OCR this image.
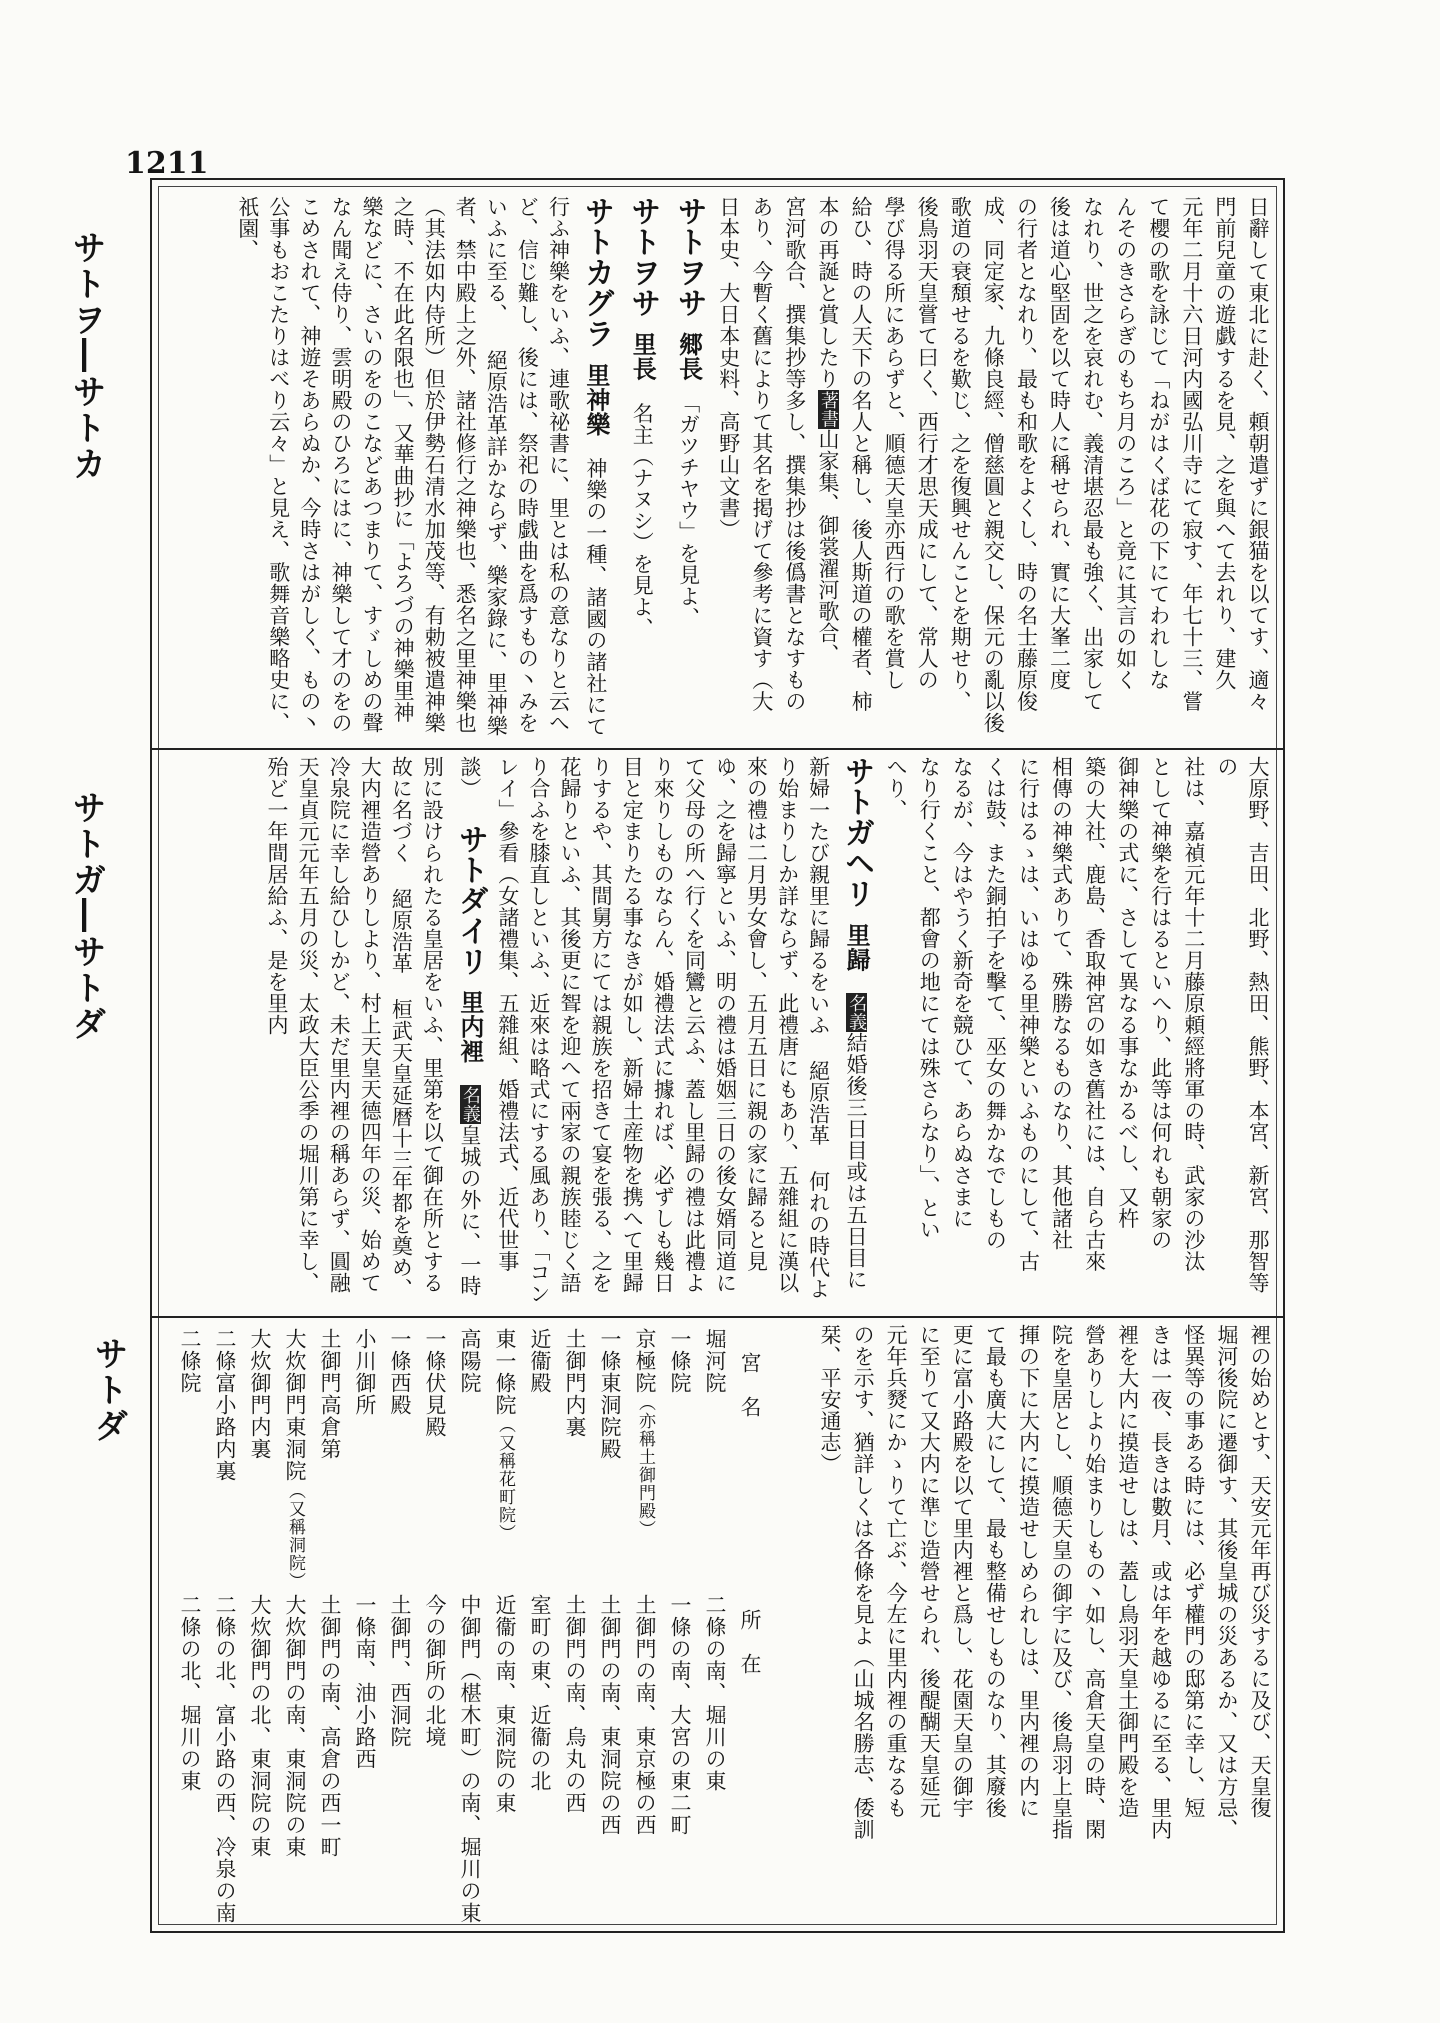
1211
サトヲ―サトカ
サトガ―サトダ
サトダ
日辭して東北に赴く、頼朝遣ずに銀猫を以てす、適々
門前兒童の遊戯するを見、之を與へて去れり、建久
元年二月十六日河内國弘川寺にて寂す、年七十三、嘗
て櫻の歌を詠じて「ねがはくば花の下にてわれしな
んそのきさらぎのもち月のころ」と竟に其言の如く
なれり、世之を哀れむ、義清堪忍最も強く、出家して
後は道心堅固を以て時人に稱せられ、實に大峯二度
の行者となれり、最も和歌をよくし、時の名士藤原俊
成、同定家、九條良經、僧慈圓と親交し、保元の亂以後
歌道の衰頽せるを歎じ、之を復興せんことを期せり、
後鳥羽天皇嘗て曰く、西行才思天成にして、常人の
學び得る所にあらずと、順德天皇亦西行の歌を賞し
給ひ、時の人天下の名人と稱し、後人斯道の權者、柿
本の再誕と賞したり著書山家集、御裳濯河歌合、
宮河歌合、撰集抄等多し、撰集抄は後僞書となすもの
あり、今暫く舊によりて其名を掲げて參考に資す（大
日本史、大日本史料、高野山文書）
サトヲサ郷長　「ガツチヤウ」を見よ、
サトヲサ里長　名主（ナヌシ）を見よ、
サトカグラ里神樂　神樂の一種、諸國の諸社にて行ふ神樂をいふ、連歌祕書に、里とは私の意なりと云へど、信じ難し、後には、祭祀の時戯曲を爲すもの丶みをいふに至る、 絕原浩革詳かならず、樂家錄に、里神樂者、禁中殿上之外、諸社修行之神樂也、悉名之里神樂也（其法如内侍所）但於伊勢石清水加茂等、有勅被遣神樂之時、不在此名限也」、又華曲抄に「よろづの神樂里神樂などに、さいのをのこなどあつまりて、すゞしめの聲なん聞え侍り、雲明殿のひろにはに、神樂して才のをのこめされて、神遊そあらぬか、今時さはがしく、もの丶公事もおこたりはべり云々」と見え、歌舞音樂略史に、祇園、
大原野、吉田、北野、熱田、熊野、本宮、新宮、那智等の
社は、嘉禎元年十二月藤原頼經將軍の時、武家の沙汰
として神樂を行はるといへり、此等は何れも朝家の
御神樂の式に、さして異なる事なかるべし、又杵
築の大社、鹿島、香取神宮の如き舊社には、自ら古來
相傳の神樂式ありて、殊勝なるものなり、其他諸社
に行はるゝは、いはゆる里神樂といふものにして、古
くは鼓、また銅拍子を擊て、巫女の舞かなでしもの
なるが、今はやうく新奇を競ひて、あらぬさまに
なり行くこと、都會の地にては殊さらなり」、とい
へり、
サトガヘリ里歸　名義結婚後三日目或は五日目に新婦一たび親里に歸るをいふ 絕原浩革 何れの時代より始まりしか詳ならず、此禮唐にもあり、五雜組に漢以來の禮は二月男女會し、五月五日に親の家に歸ると見ゆ、之を歸寧といふ、明の禮は婚姻三日の後女婿同道にて父母の所へ行くを同鸞と云ふ、蓋し里歸の禮は此禮より來りしものならん、婚禮法式に據れば、必ずしも幾日目と定まりたる事なきが如し、新婦土産物を携へて里歸りするや、其間舅方にては親族を招きて宴を張る、之を花歸りといふ、其後更に聟を迎へて兩家の親族睦じく語り合ふを膝直しといふ、近來は略式にする風あり、「コンレイ」參看（女諸禮集、五雜組、婚禮法式、近代世事談） サトダイリ里内裡　名義皇城の外に、一時別に設けられたる皇居をいふ、里第を以て御在所とする故に名づく 絕原浩革 桓武天皇延暦十三年都を奠め、大内裡造營ありしより、村上天皇天德四年の災、始めて冷泉院に幸し給ひしかど、未だ里内裡の稱あらず、圓融天皇貞元元年五月の災、太政大臣公季の堀川第に幸し、殆ど一年間居給ふ、是を里内
裡の始めとす、天安元年再び災するに及び、天皇復
堀河後院に遷御す、其後皇城の災あるか、又は方忌、
怪異等の事ある時には、必ず權門の邸第に幸し、短
きは一夜、長きは數月、或は年を越ゆるに至る、里内
裡を大内に摸造せしは、蓋し鳥羽天皇土御門殿を造
營ありしより始まりしもの丶如し、高倉天皇の時、閑
院を皇居とし、順德天皇の御宇に及び、後鳥羽上皇指
揮の下に大内に摸造せしめられしは、里内裡の内に
て最も廣大にして、最も整備せしものなり、其廢後
更に富小路殿を以て里内裡と爲し、花園天皇の御宇
に至りて又大内に準じ造營せられ、後醍醐天皇延元
元年兵燹にかゝりて亡ぶ、今左に里内裡の重なるも
のを示す、猶詳しくは各條を見よ（山城名勝志、倭訓
栞、平安通志）
宮　名
所　在
堀河院
二條の南、堀川の東
一條院
一條の南、大宮の東二町
京極院（亦稱土御門殿）
土御門の南、東京極の西
一條東洞院殿
土御門の南、東洞院の西
土御門内裏
土御門の南、烏丸の西
近衞殿
室町の東、近衞の北
東一條院（又稱花町院）
近衞の南、東洞院の東
高陽院
中御門（椹木町）の南、堀川の東
一條伏見殿
今の御所の北境
一條西殿
土御門、西洞院
小川御所
一條南、油小路西
土御門高倉第
土御門の南、高倉の西一町
大炊御門東洞院（又稱洞院）
大炊御門の南、東洞院の東
大炊御門内裏
大炊御門の北、東洞院の東
二條富小路内裏
二條の北、富小路の西、冷泉の南
二條院
二條の北、堀川の東
